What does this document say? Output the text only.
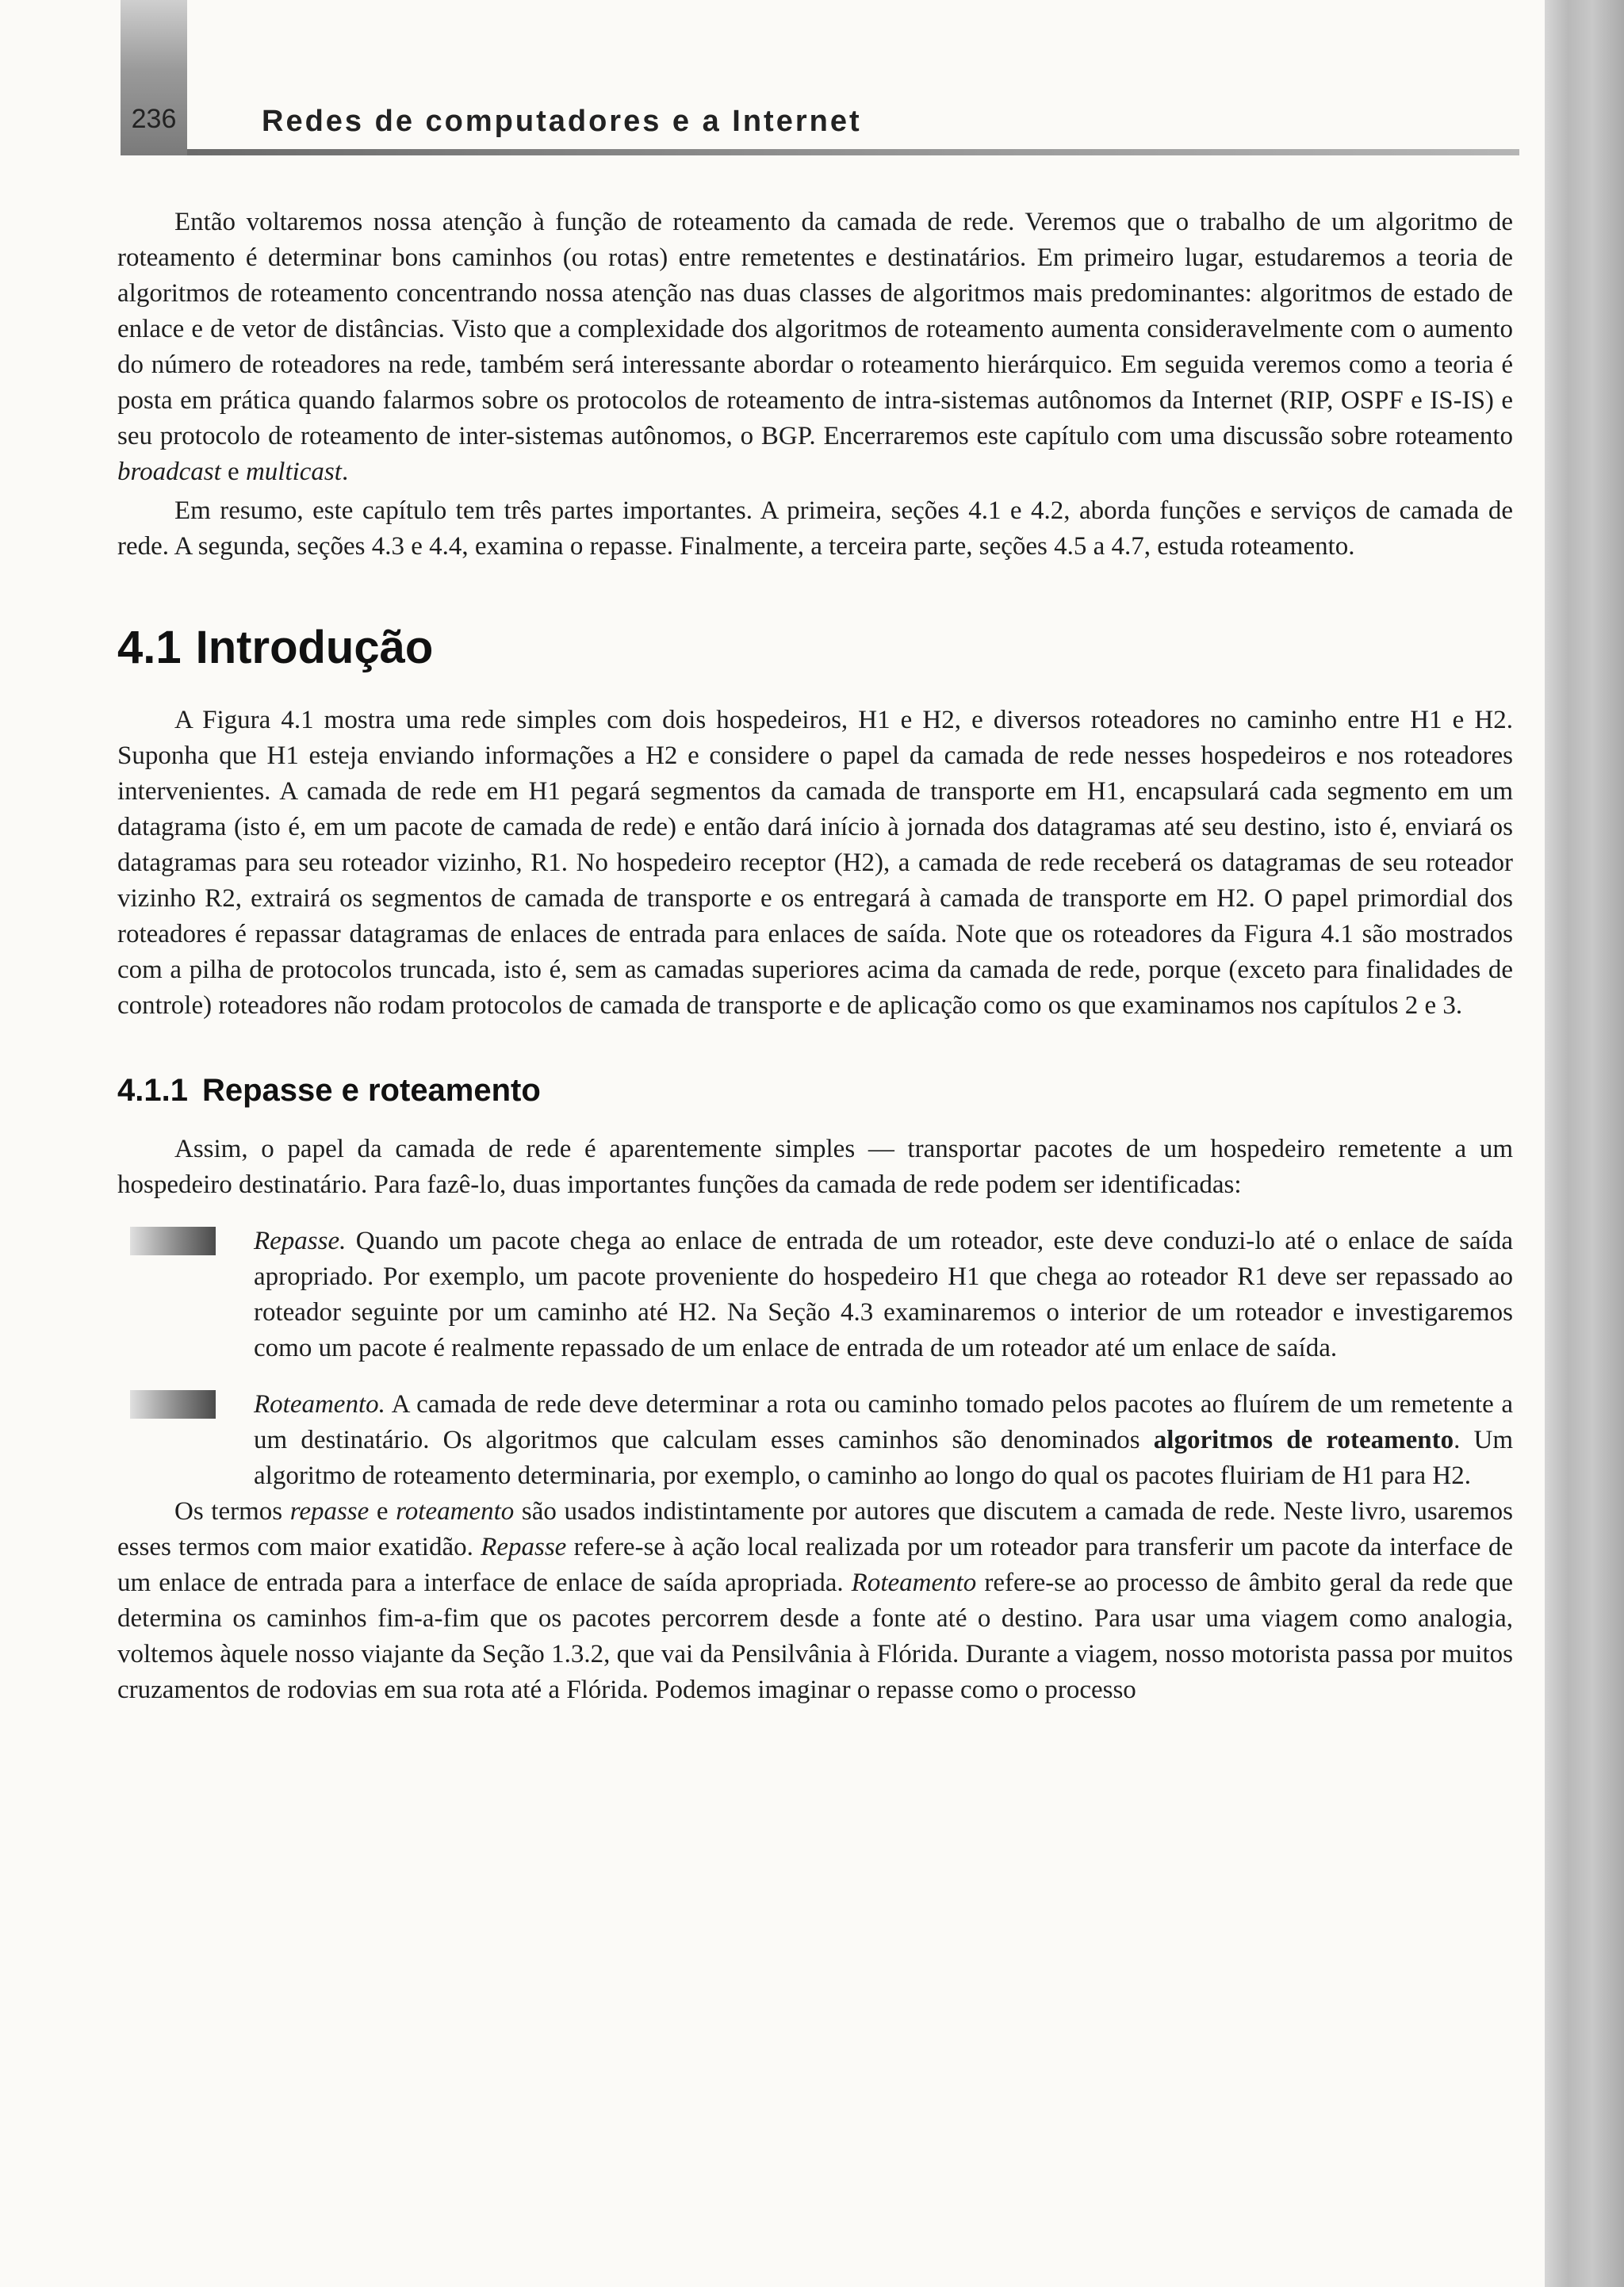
236	Redes de computadores e a Internet

Então voltaremos nossa atenção à função de roteamento da camada de rede. Veremos que o trabalho de um algoritmo de roteamento é determinar bons caminhos (ou rotas) entre remetentes e destinatários. Em primeiro lugar, estudaremos a teoria de algoritmos de roteamento concentrando nossa atenção nas duas classes de algoritmos mais predominantes: algoritmos de estado de enlace e de vetor de distâncias. Visto que a complexidade dos algoritmos de roteamento aumenta consideravelmente com o aumento do número de roteadores na rede, também será interessante abordar o roteamento hierárquico. Em seguida veremos como a teoria é posta em prática quando falarmos sobre os protocolos de roteamento de intra-sistemas autônomos da Internet (RIP, OSPF e IS-IS) e seu protocolo de roteamento de inter-sistemas autônomos, o BGP. Encerraremos este capítulo com uma discussão sobre roteamento broadcast e multicast.

Em resumo, este capítulo tem três partes importantes. A primeira, seções 4.1 e 4.2, aborda funções e serviços de camada de rede. A segunda, seções 4.3 e 4.4, examina o repasse. Finalmente, a terceira parte, seções 4.5 a 4.7, estuda roteamento.

4.1 Introdução

A Figura 4.1 mostra uma rede simples com dois hospedeiros, H1 e H2, e diversos roteadores no caminho entre H1 e H2. Suponha que H1 esteja enviando informações a H2 e considere o papel da camada de rede nesses hospedeiros e nos roteadores intervenientes. A camada de rede em H1 pegará segmentos da camada de transporte em H1, encapsulará cada segmento em um datagrama (isto é, em um pacote de camada de rede) e então dará início à jornada dos datagramas até seu destino, isto é, enviará os datagramas para seu roteador vizinho, R1. No hospedeiro receptor (H2), a camada de rede receberá os datagramas de seu roteador vizinho R2, extrairá os segmentos de camada de transporte e os entregará à camada de transporte em H2. O papel primordial dos roteadores é repassar datagramas de enlaces de entrada para enlaces de saída. Note que os roteadores da Figura 4.1 são mostrados com a pilha de protocolos truncada, isto é, sem as camadas superiores acima da camada de rede, porque (exceto para finalidades de controle) roteadores não rodam protocolos de camada de transporte e de aplicação como os que examinamos nos capítulos 2 e 3.

4.1.1 Repasse e roteamento

Assim, o papel da camada de rede é aparentemente simples — transportar pacotes de um hospedeiro remetente a um hospedeiro destinatário. Para fazê-lo, duas importantes funções da camada de rede podem ser identificadas:

Repasse. Quando um pacote chega ao enlace de entrada de um roteador, este deve conduzi-lo até o enlace de saída apropriado. Por exemplo, um pacote proveniente do hospedeiro H1 que chega ao roteador R1 deve ser repassado ao roteador seguinte por um caminho até H2. Na Seção 4.3 examinaremos o interior de um roteador e investigaremos como um pacote é realmente repassado de um enlace de entrada de um roteador até um enlace de saída.
Roteamento. A camada de rede deve determinar a rota ou caminho tomado pelos pacotes ao fluírem de um remetente a um destinatário. Os algoritmos que calculam esses caminhos são denominados algoritmos de roteamento. Um algoritmo de roteamento determinaria, por exemplo, o caminho ao longo do qual os pacotes fluiriam de H1 para H2.

Os termos repasse e roteamento são usados indistintamente por autores que discutem a camada de rede. Neste livro, usaremos esses termos com maior exatidão. Repasse refere-se à ação local realizada por um roteador para transferir um pacote da interface de um enlace de entrada para a interface de enlace de saída apropriada. Roteamento refere-se ao processo de âmbito geral da rede que determina os caminhos fim-a-fim que os pacotes percorrem desde a fonte até o destino. Para usar uma viagem como analogia, voltemos àquele nosso viajante da Seção 1.3.2, que vai da Pensilvânia à Flórida. Durante a viagem, nosso motorista passa por muitos cruzamentos de rodovias em sua rota até a Flórida. Podemos imaginar o repasse como o processo
